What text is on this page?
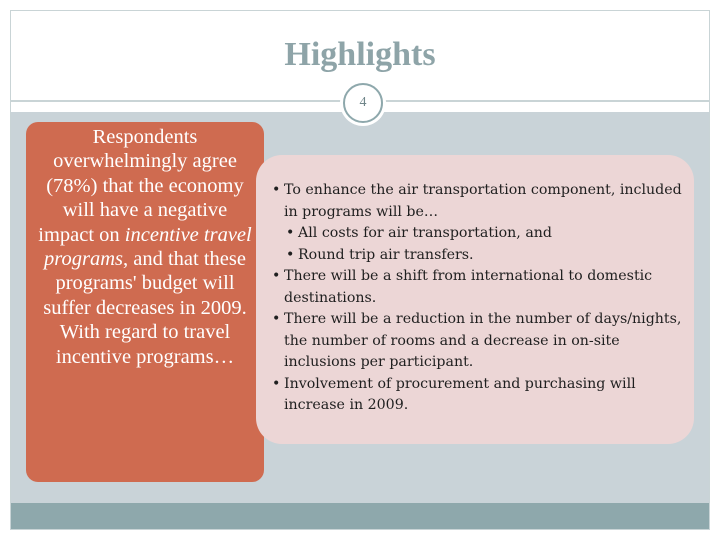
Highlights
4
Respondents overwhelmingly agree (78%) that the economy will have a negative impact on incentive travel programs, and that these programs' budget will suffer decreases in 2009. With regard to travel incentive programs…
• To enhance the air transportation component, included in programs will be…
• All costs for air transportation, and
• Round trip air transfers.
• There will be a shift from international to domestic destinations.
• There will be a reduction in the number of days/nights, the number of rooms and a decrease in on-site inclusions per participant.
• Involvement of procurement and purchasing will increase in 2009.
